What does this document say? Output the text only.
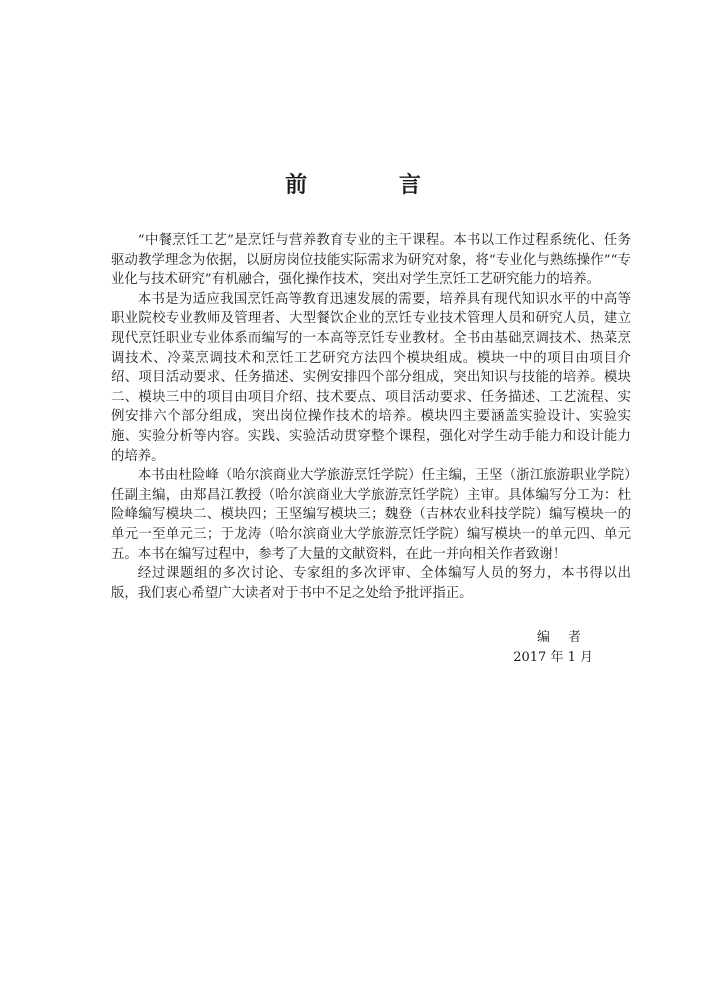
前 言

“中餐烹饪工艺”是烹饪与营养教育专业的主干课程。本书以工作过程系统化、任务驱动教学理念为依据，以厨房岗位技能实际需求为研究对象，将“专业化与熟练操作”“专业化与技术研究”有机融合，强化操作技术，突出对学生烹饪工艺研究能力的培养。

本书是为适应我国烹饪高等教育迅速发展的需要，培养具有现代知识水平的中高等职业院校专业教师及管理者、大型餐饮企业的烹饪专业技术管理人员和研究人员，建立现代烹饪职业专业体系而编写的一本高等烹饪专业教材。全书由基础烹调技术、热菜烹调技术、冷菜烹调技术和烹饪工艺研究方法四个模块组成。模块一中的项目由项目介绍、项目活动要求、任务描述、实例安排四个部分组成，突出知识与技能的培养。模块二、模块三中的项目由项目介绍、技术要点、项目活动要求、任务描述、工艺流程、实例安排六个部分组成，突出岗位操作技术的培养。模块四主要涵盖实验设计、实验实施、实验分析等内容。实践、实验活动贯穿整个课程，强化对学生动手能力和设计能力的培养。

本书由杜险峰（哈尔滨商业大学旅游烹饪学院）任主编，王坚（浙江旅游职业学院）任副主编，由郑昌江教授（哈尔滨商业大学旅游烹饪学院）主审。具体编写分工为：杜险峰编写模块二、模块四；王坚编写模块三；魏登（吉林农业科技学院）编写模块一的单元一至单元三；于龙涛（哈尔滨商业大学旅游烹饪学院）编写模块一的单元四、单元五。本书在编写过程中，参考了大量的文献资料，在此一并向相关作者致谢！

经过课题组的多次讨论、专家组的多次评审、全体编写人员的努力，本书得以出版，我们衷心希望广大读者对于书中不足之处给予批评指正。

编者
2017 年 1 月
